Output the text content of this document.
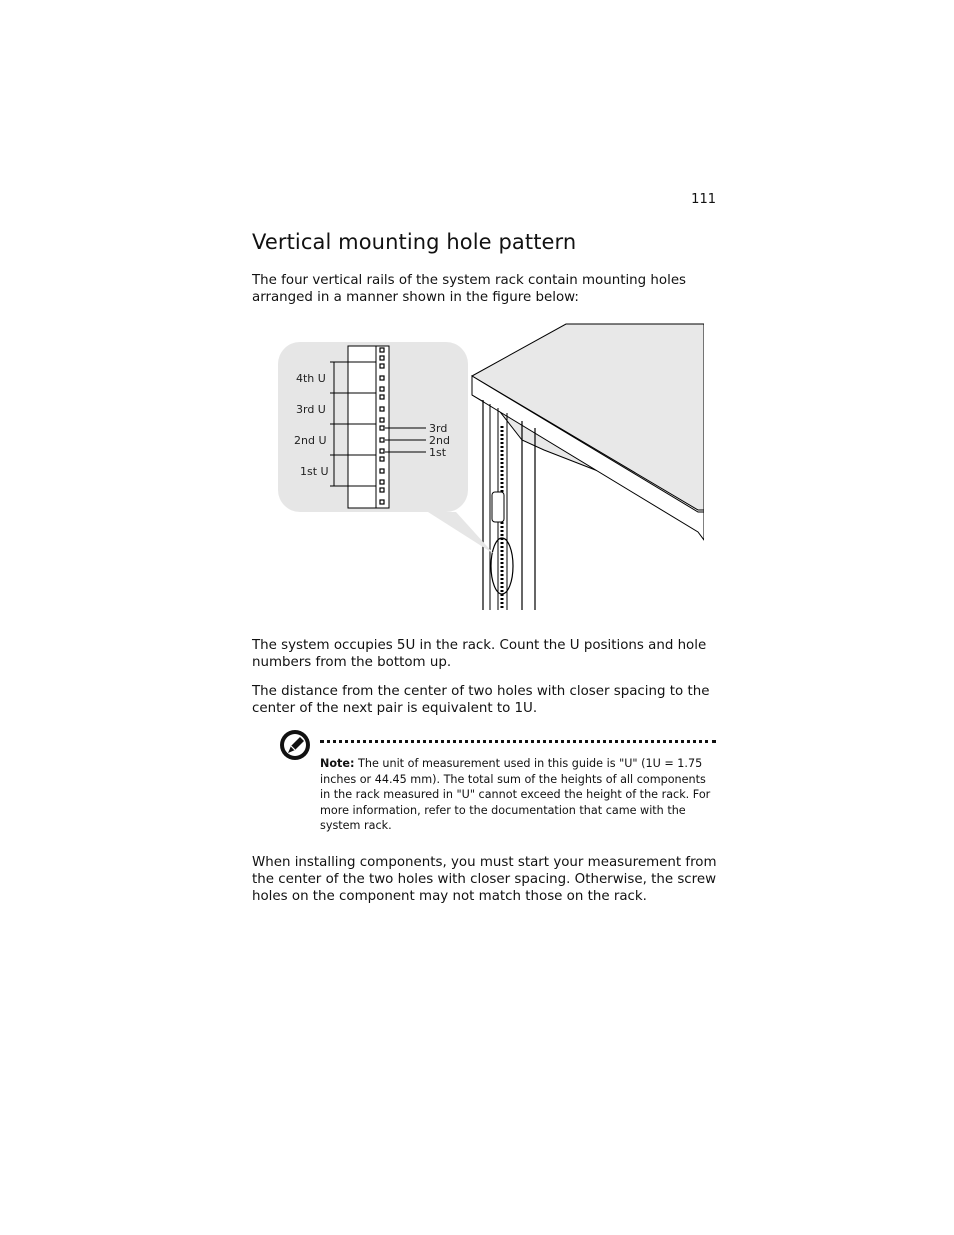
111
Vertical mounting hole pattern

The four vertical rails of the system rack contain mounting holes arranged in a manner shown in the figure below:

4th U
3rd U
2nd U
1st U
3rd
2nd
1st

The system occupies 5U in the rack. Count the U positions and hole numbers from the bottom up.

The distance from the center of two holes with closer spacing to the center of the next pair is equivalent to 1U.

Note: The unit of measurement used in this guide is "U" (1U = 1.75 inches or 44.45 mm). The total sum of the heights of all components in the rack measured in "U" cannot exceed the height of the rack. For more information, refer to the documentation that came with the system rack.

When installing components, you must start your measurement from the center of the two holes with closer spacing. Otherwise, the screw holes on the component may not match those on the rack.
